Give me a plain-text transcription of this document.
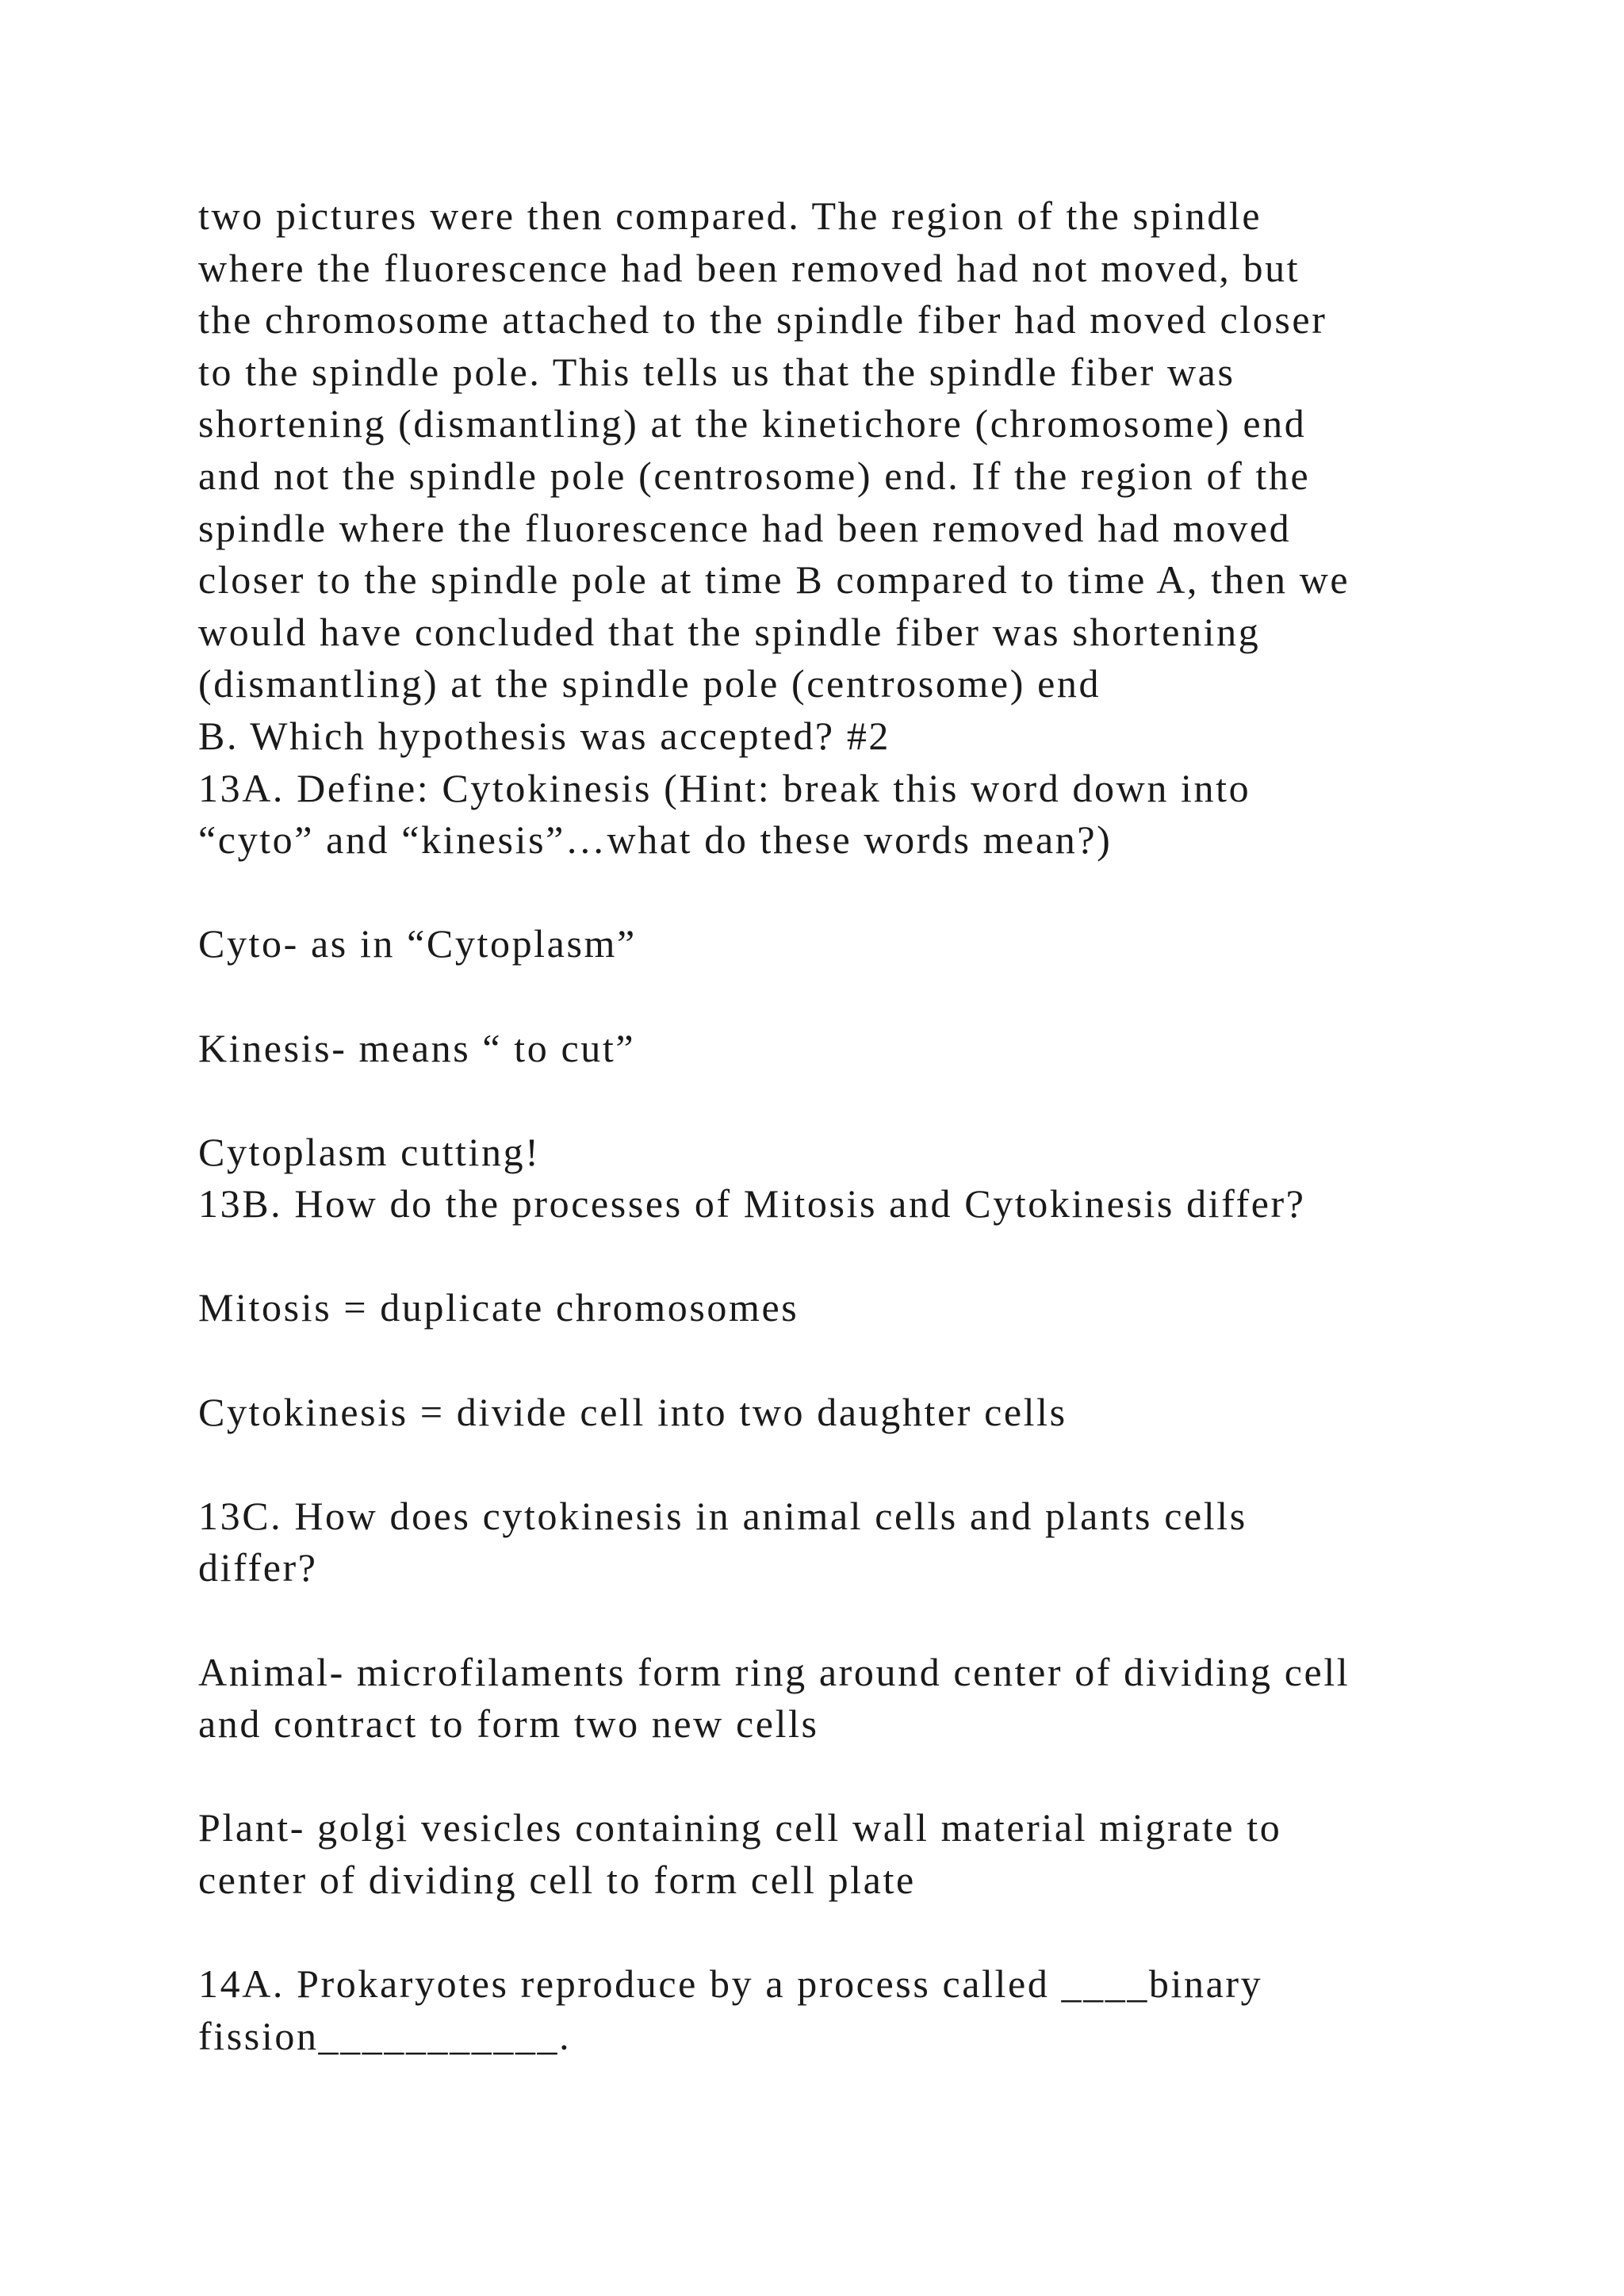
two pictures were then compared. The region of the spindle
where the fluorescence had been removed had not moved, but
the chromosome attached to the spindle fiber had moved closer
to the spindle pole. This tells us that the spindle fiber was
shortening (dismantling) at the kinetichore (chromosome) end
and not the spindle pole (centrosome) end. If the region of the
spindle where the fluorescence had been removed had moved
closer to the spindle pole at time B compared to time A, then we
would have concluded that the spindle fiber was shortening
(dismantling) at the spindle pole (centrosome) end
B. Which hypothesis was accepted? #2
13A. Define: Cytokinesis (Hint: break this word down into
“cyto” and “kinesis”…what do these words mean?)
Cyto- as in “Cytoplasm”
Kinesis- means “ to cut”
Cytoplasm cutting!
13B. How do the processes of Mitosis and Cytokinesis differ?
Mitosis = duplicate chromosomes
Cytokinesis = divide cell into two daughter cells
13C. How does cytokinesis in animal cells and plants cells
differ?
Animal- microfilaments form ring around center of dividing cell
and contract to form two new cells
Plant- golgi vesicles containing cell wall material migrate to
center of dividing cell to form cell plate
14A. Prokaryotes reproduce by a process called ____binary
fission___________.
